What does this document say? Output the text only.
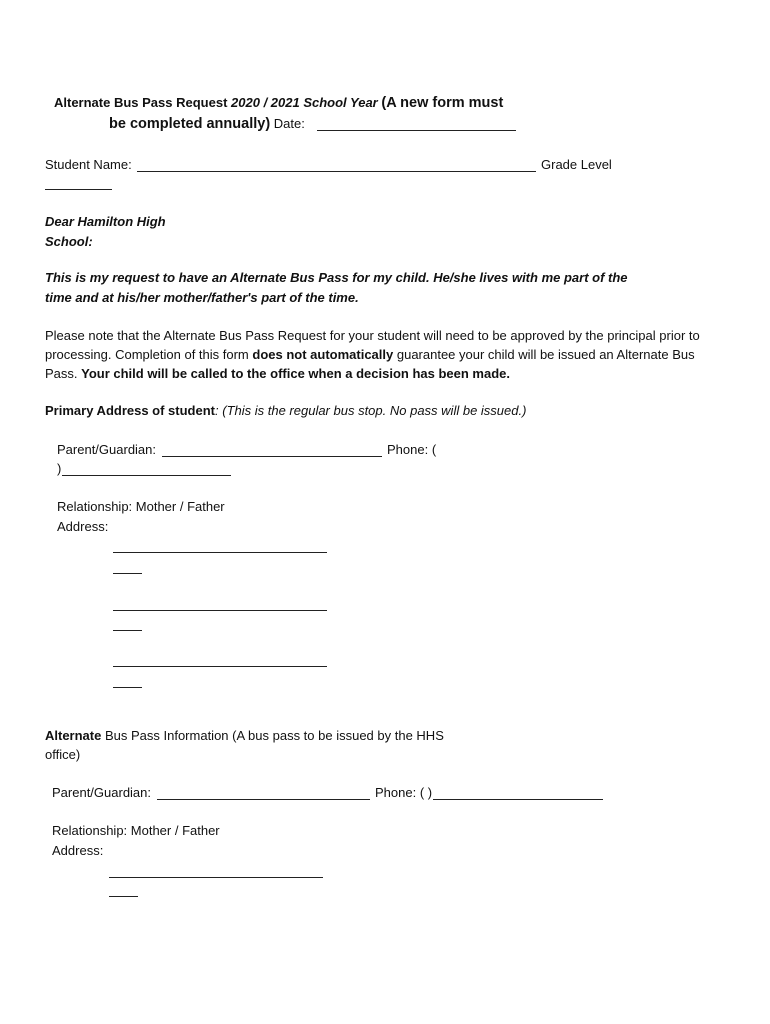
Alternate Bus Pass Request 2020 / 2021 School Year (A new form must
be completed annually) Date:
Student Name:	Grade Level
Dear Hamilton High
School:
This is my request to have an Alternate Bus Pass for my child. He/she lives with me part of the
time and at his/her mother/father's part of the time.
Please note that the Alternate Bus Pass Request for your student will need to be approved by the principal prior to
processing. Completion of this form does not automatically guarantee your child will be issued an Alternate Bus
Pass. Your child will be called to the office when a decision has been made.
Primary Address of student: (This is the regular bus stop. No pass will be issued.)
Parent/Guardian:	Phone: (
)
Relationship: Mother / Father
Address:
Alternate Bus Pass Information (A bus pass to be issued by the HHS
office)
Parent/Guardian:	Phone: ( )
Relationship: Mother / Father
Address:
